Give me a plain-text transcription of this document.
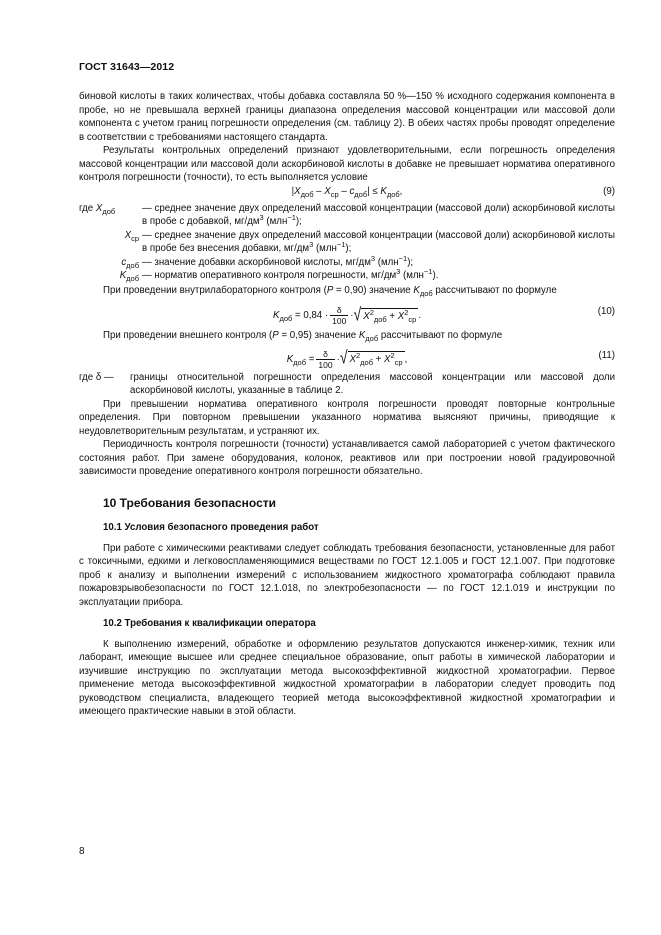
ГОСТ 31643—2012

биновой кислоты в таких количествах, чтобы добавка составляла 50 %—150 % исходного содержания компонента в пробе, но не превышала верхней границы диапазона определения массовой концентрации или массовой доли компонента с учетом границ погрешности определения (см. таблицу 2). В обеих частях пробы проводят определение в соответствии с требованиями настоящего стандарта.

Результаты контрольных определений признают удовлетворительными, если погрешность определения массовой концентрации или массовой доли аскорбиновой кислоты в добавке не превышает норматива оперативного контроля погрешности (точности), то есть выполняется условие

$|X_{доб} - X_{ср} - c_{доб}| \le K_{доб}$,	(9)
где $X_{доб}$	— среднее значение двух определений массовой концентрации (массовой доли) аскорбиновой кислоты в пробе с добавкой, $мг/дм^3$ (млн$^{-1}$);
$X_{ср}$ — среднее значение двух определений массовой концентрации (массовой доли) аскорбиновой кислоты в пробе без внесения добавки, $мг/дм^3$ (млн$^{-1}$);
$c_{доб}$ — значение добавки аскорбиновой кислоты, $мг/дм^3$ (млн$^{-1}$);
$K_{доб}$ — норматив оперативного контроля погрешности, $мг/дм^3$ (млн$^{-1}$).

При проведении внутрилабораторного контроля (P = 0,90) значение $K_{доб}$ рассчитывают по формуле

$K_{доб} = 0,84 \cdot \frac{\delta}{100}$ ·√ $X^2_{доб} + X^2_{ср}$ .	(10)

При проведении внешнего контроля (P = 0,95) значение $K_{доб}$ рассчитывают по формуле

$K_{доб} = \frac{\delta}{100}$ ·√ $X^2_{доб} + X^2_{ср}$ ,	(11)
где δ —	границы относительной погрешности определения массовой концентрации или массовой доли аскорбиновой кислоты, указанные в таблице 2.

При превышении норматива оперативного контроля погрешности проводят повторные контрольные определения. При повторном превышении указанного норматива выясняют причины, приводящие к неудовлетворительным результатам, и устраняют их.

Периодичность контроля погрешности (точности) устанавливается самой лабораторией с учетом фактического состояния работ. При замене оборудования, колонок, реактивов или при построении новой градуировочной зависимости проведение оперативного контроля погрешности обязательно.

10 Требования безопасности
10.1 Условия безопасного проведения работ

При работе с химическими реактивами следует соблюдать требования безопасности, установленные для работ с токсичными, едкими и легковоспламеняющимися веществами по ГОСТ 12.1.005 и ГОСТ 12.1.007. При подготовке проб к анализу и выполнении измерений с использованием жидкостного хроматографа соблюдают правила пожаровзрывобезопасности по ГОСТ 12.1.018, по электробезопасности — по ГОСТ 12.1.019 и инструкции по эксплуатации прибора.

10.2 Требования к квалификации оператора

К выполнению измерений, обработке и оформлению результатов допускаются инженер-химик, техник или лаборант, имеющие высшее или среднее специальное образование, опыт работы в химической лаборатории и изучившие инструкцию по эксплуатации метода высокоэффективной жидкостной хроматографии. Первое применение метода высокоэффективной жидкостной хроматографии в лаборатории следует проводить под руководством специалиста, владеющего теорией метода высокоэффективной жидкостной хроматографии и имеющего практические навыки в этой области.

8
